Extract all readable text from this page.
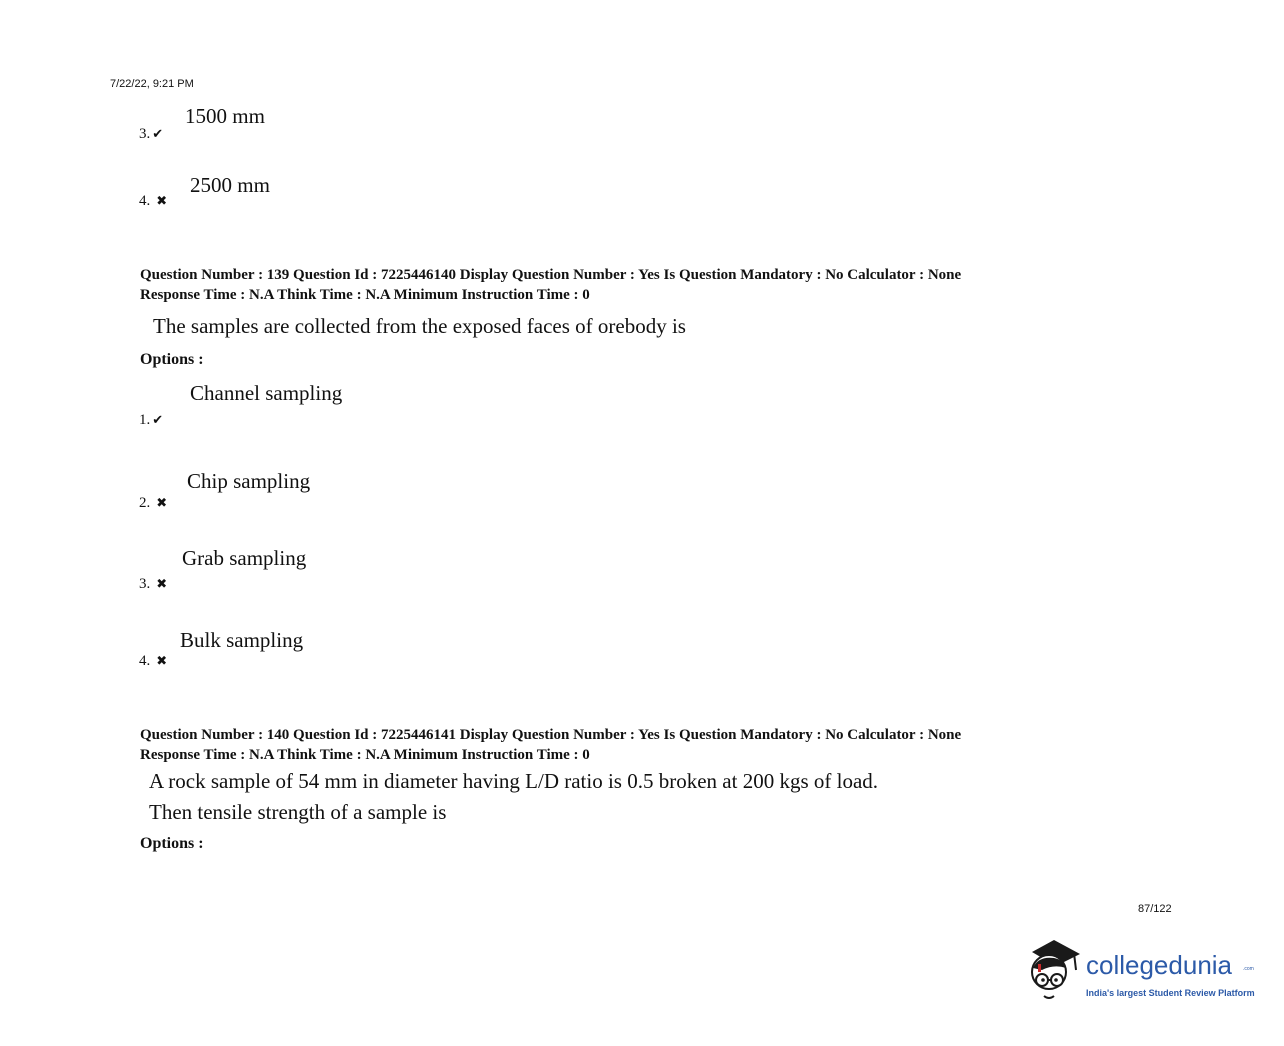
7/22/22, 9:21 PM
1500 mm
3. ✔
2500 mm
4. ✖
Question Number : 139 Question Id : 7225446140 Display Question Number : Yes Is Question Mandatory : No Calculator : None
Response Time : N.A Think Time : N.A Minimum Instruction Time : 0
The samples are collected from the exposed faces of orebody is
Options :
Channel sampling
1. ✔
Chip sampling
2. ✖
Grab sampling
3. ✖
Bulk sampling
4. ✖
Question Number : 140 Question Id : 7225446141 Display Question Number : Yes Is Question Mandatory : No Calculator : None
Response Time : N.A Think Time : N.A Minimum Instruction Time : 0
A rock sample of 54 mm in diameter having L/D ratio is 0.5 broken at 200 kgs of load.
Then tensile strength of a sample is
Options :
87/122
collegedunia .com
India's largest Student Review Platform
